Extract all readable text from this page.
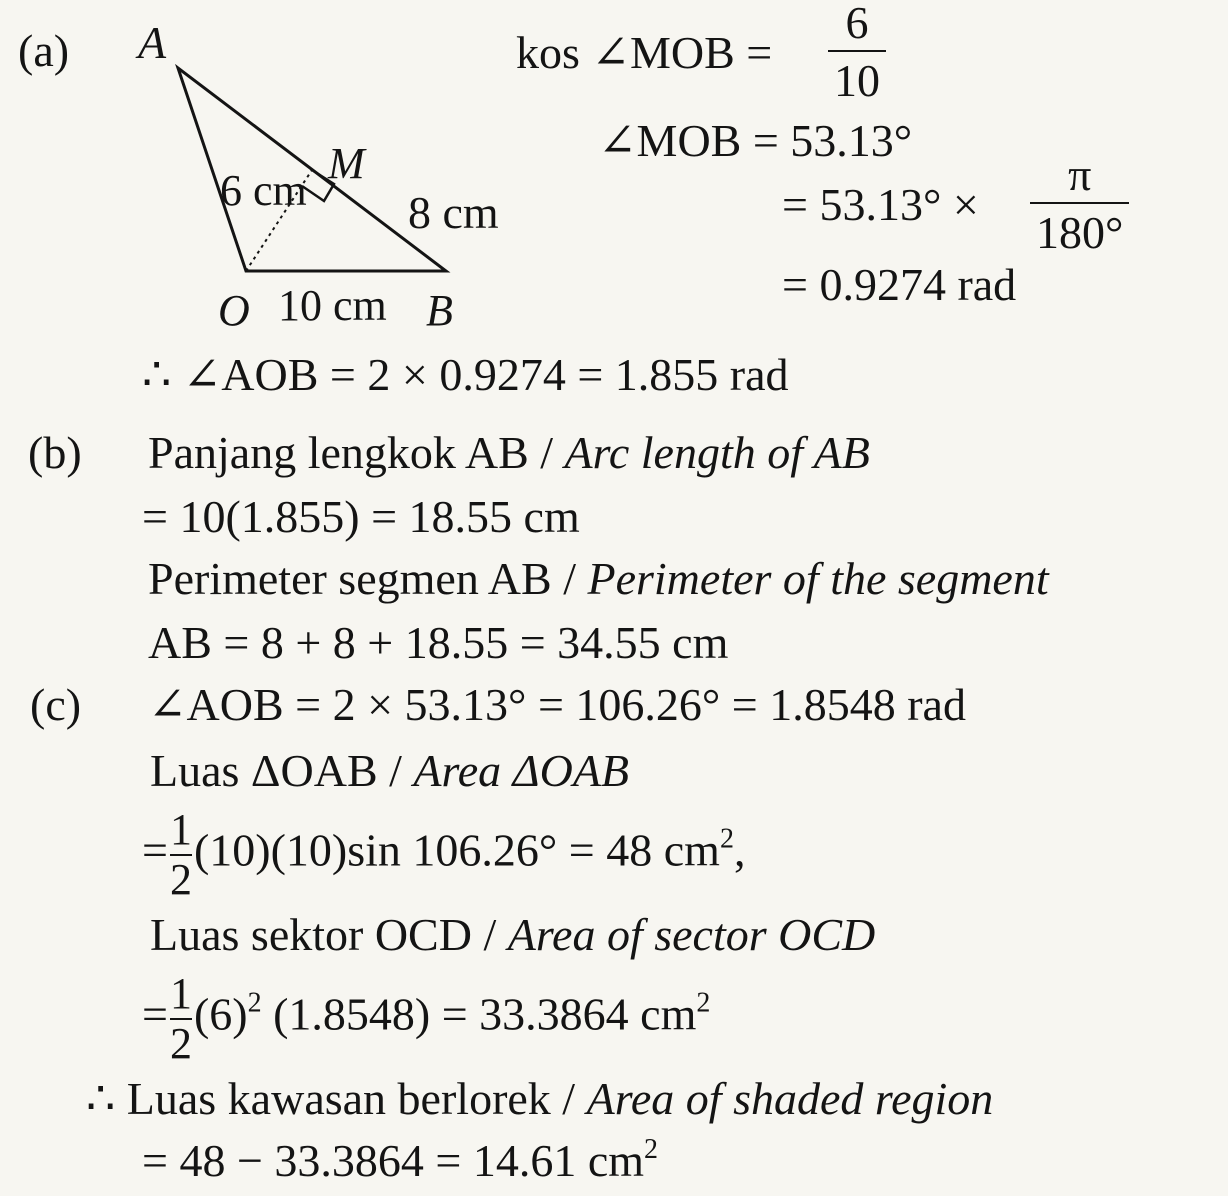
(a) A
M
6 cm 8 cm
O 10 cm B
kos ∠MOB =
6
10
∠MOB = 53.13°
= 53.13° ×
π
180°
= 0.9274 rad
∴ ∠AOB = 2 × 0.9274 = 1.855 rad
(b) Panjang lengkok AB / Arc length of AB
= 10(1.855) = 18.55 cm
Perimeter segmen AB / Perimeter of the segment
AB = 8 + 8 + 18.55 = 34.55 cm
(c) ∠AOB = 2 × 53.13° = 106.26° = 1.8548 rad
Luas ΔOAB / Area ΔOAB
= $\frac{1}{2} (10)(10)\sin$ 106.26° = 48 $cm^2$,
Luas sektor OCD / Area of sector OCD
= $\frac{1}{2} (6)^2$ (1.8548) = 33.3864 $cm^2$
∴ Luas kawasan berlorek / Area of shaded region
= 48 − 33.3864 = 14.61 $cm^2$
